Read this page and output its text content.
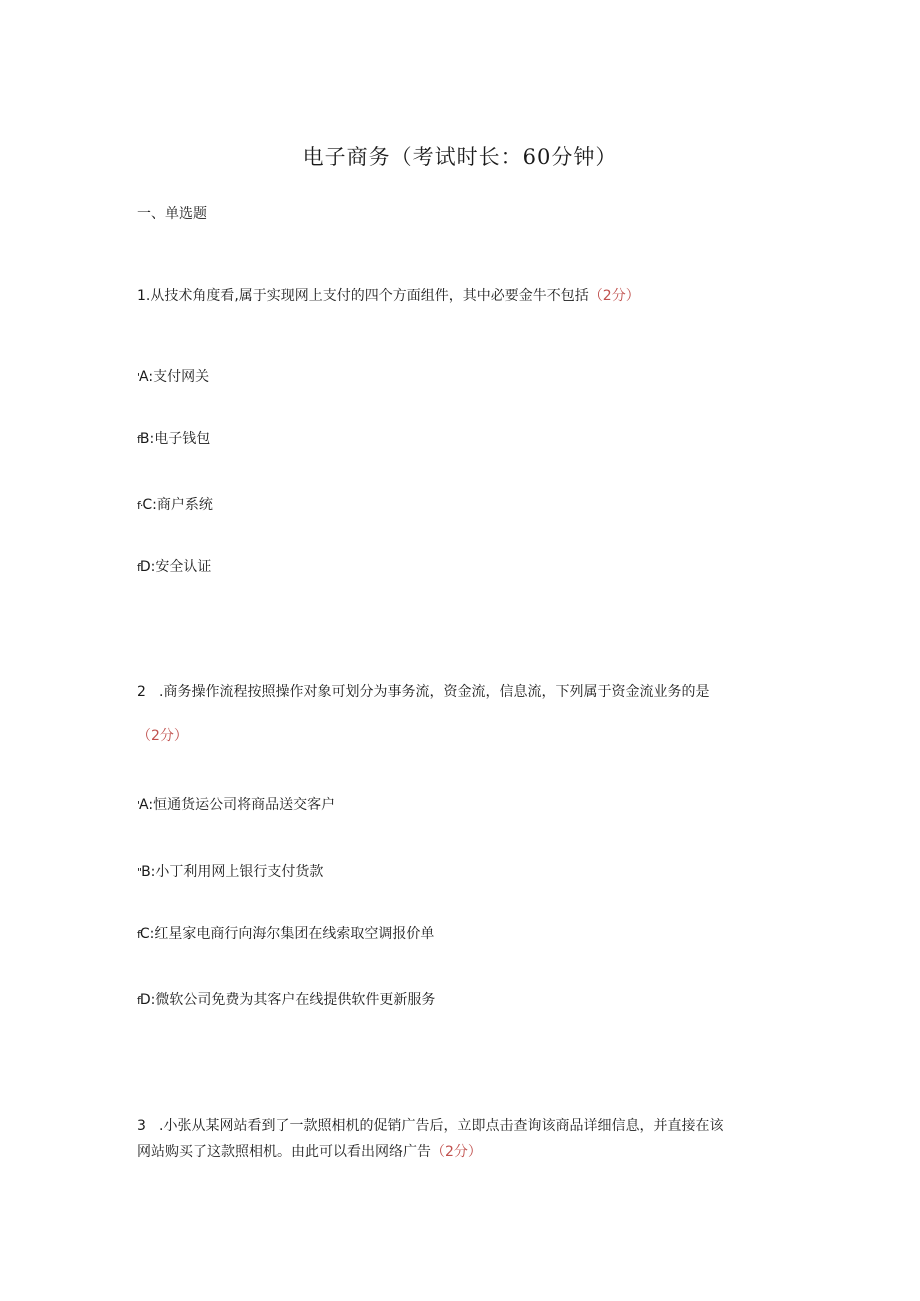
电子商务（考试时长：60分钟）
一、单选题
1.从技术角度看,属于实现网上支付的四个方面组件，其中必要金牛不包括（2分）
'A:支付网关
fB:电子钱包
f·C:商户系统
fD:安全认证
2 .商务操作流程按照操作对象可划分为事务流，资金流，信息流，下列属于资金流业务的是
（2分）
'A:恒通货运公司将商品送交客户
"B:小丁利用网上银行支付货款
fC:红星家电商行向海尔集团在线索取空调报价单
fD:微软公司免费为其客户在线提供软件更新服务
3 .小张从某网站看到了一款照相机的促销广告后，立即点击查询该商品详细信息，并直接在该
网站购买了这款照相机。由此可以看出网络广告（2分）
